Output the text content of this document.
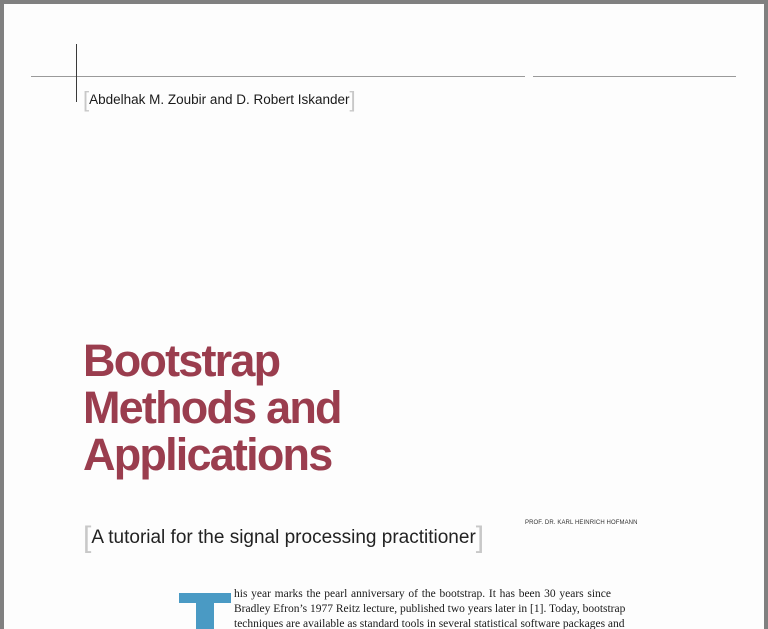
[Abdelhak M. Zoubir and D. Robert Iskander]
Bootstrap
Methods and
Applications
PROF. DR. KARL HEINRICH HOFMANN
[A tutorial for the signal processing practitioner]
his year marks the pearl anniversary of the bootstrap. It has been 30 years since
Bradley Efron’s 1977 Reitz lecture, published two years later in [1]. Today, bootstrap
techniques are available as standard tools in several statistical software packages and
